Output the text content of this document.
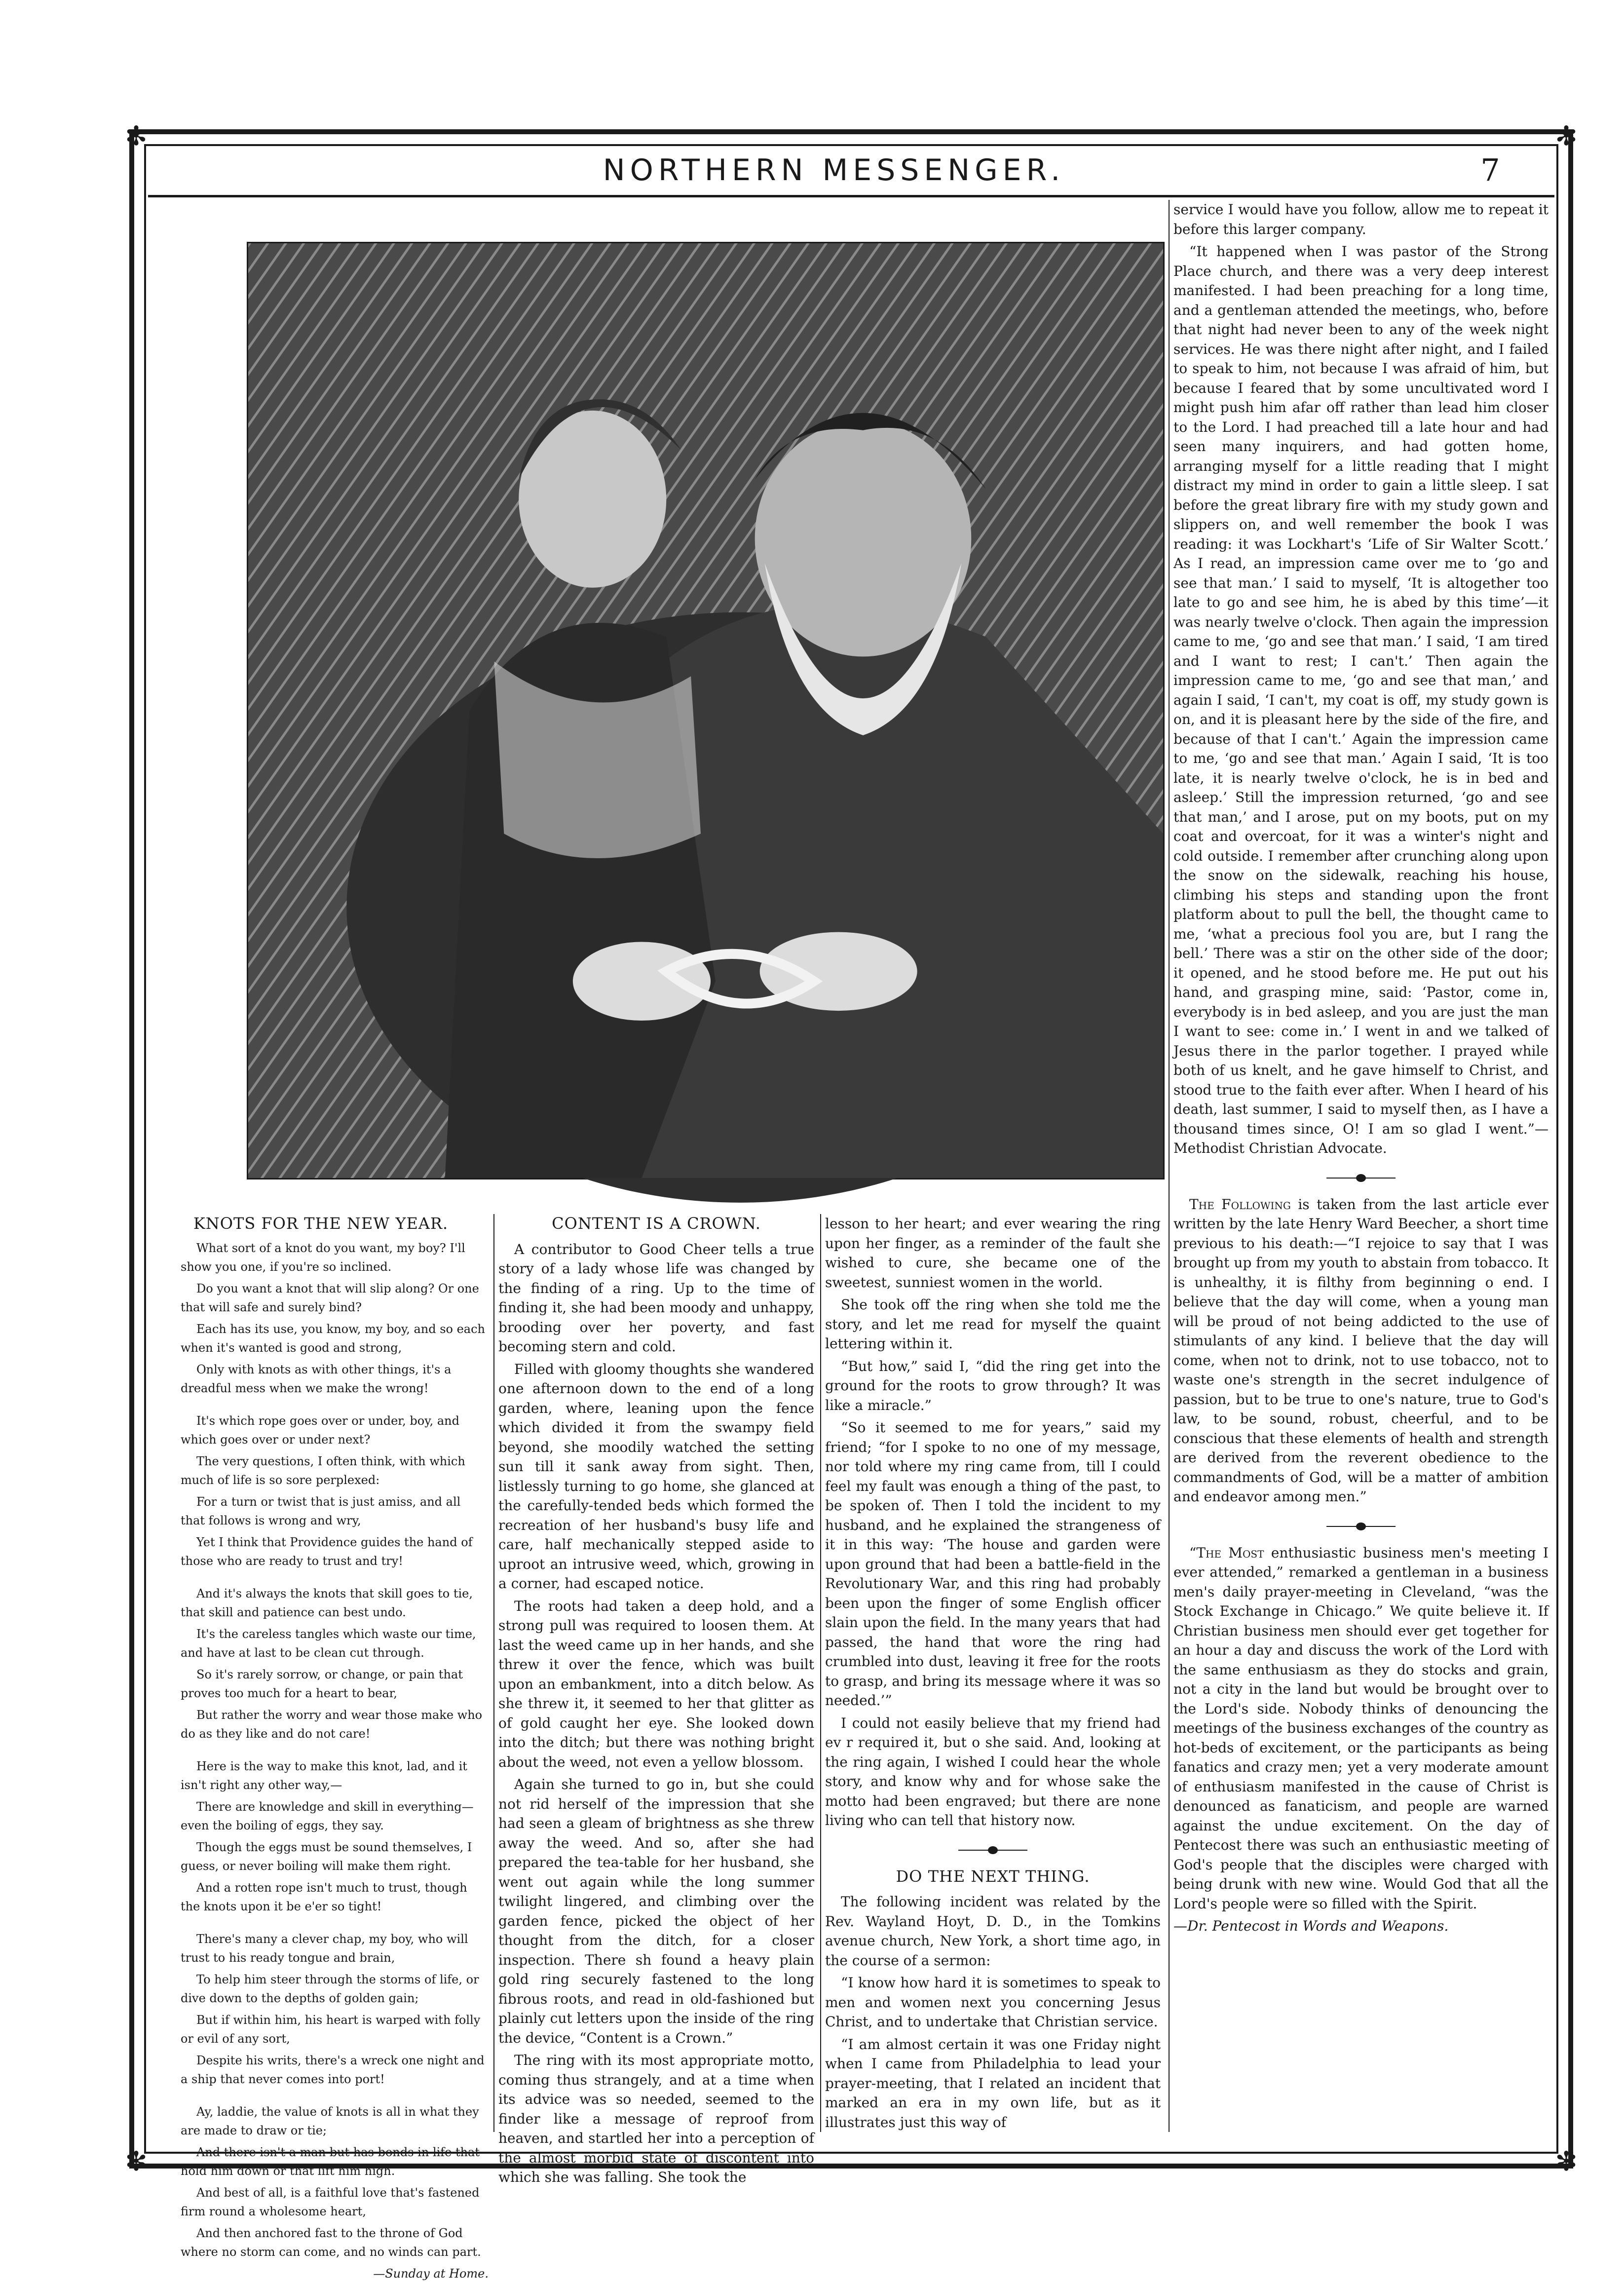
✻	✻
✻	✻
NORTHERN MESSENGER.	7
KNOTS FOR THE NEW YEAR.

What sort of a knot do you want, my boy? I'll show you one, if you're so inclined.

Do you want a knot that will slip along? Or one that will safe and surely bind?

Each has its use, you know, my boy, and so each when it's wanted is good and strong,

Only with knots as with other things, it's a dreadful mess when we make the wrong!

It's which rope goes over or under, boy, and which goes over or under next?

The very questions, I often think, with which much of life is so sore perplexed:

For a turn or twist that is just amiss, and all that follows is wrong and wry,

Yet I think that Providence guides the hand of those who are ready to trust and try!

And it's always the knots that skill goes to tie, that skill and patience can best undo.

It's the careless tangles which waste our time, and have at last to be clean cut through.

So it's rarely sorrow, or change, or pain that proves too much for a heart to bear,

But rather the worry and wear those make who do as they like and do not care!

Here is the way to make this knot, lad, and it isn't right any other way,—

There are knowledge and skill in everything—even the boiling of eggs, they say.

Though the eggs must be sound themselves, I guess, or never boiling will make them right.

And a rotten rope isn't much to trust, though the knots upon it be e'er so tight!

There's many a clever chap, my boy, who will trust to his ready tongue and brain,

To help him steer through the storms of life, or dive down to the depths of golden gain;

But if within him, his heart is warped with folly or evil of any sort,

Despite his writs, there's a wreck one night and a ship that never comes into port!

Ay, laddie, the value of knots is all in what they are made to draw or tie;

And there isn't a man but has bonds in life that hold him down or that lift him high.

And best of all, is a faithful love that's fastened firm round a wholesome heart,

And then anchored fast to the throne of God where no storm can come, and no winds can part.

—Sunday at Home.
CONTENT IS A CROWN.

A contributor to Good Cheer tells a true story of a lady whose life was changed by the finding of a ring. Up to the time of finding it, she had been moody and unhappy, brooding over her poverty, and fast becoming stern and cold.

Filled with gloomy thoughts she wandered one afternoon down to the end of a long garden, where, leaning upon the fence which divided it from the swampy field beyond, she moodily watched the setting sun till it sank away from sight. Then, listlessly turning to go home, she glanced at the carefully-tended beds which formed the recreation of her husband's busy life and care, half mechanically stepped aside to uproot an intrusive weed, which, growing in a corner, had escaped notice.

The roots had taken a deep hold, and a strong pull was required to loosen them. At last the weed came up in her hands, and she threw it over the fence, which was built upon an embankment, into a ditch below. As she threw it, it seemed to her that glitter as of gold caught her eye. She looked down into the ditch; but there was nothing bright about the weed, not even a yellow blossom.

Again she turned to go in, but she could not rid herself of the impression that she had seen a gleam of brightness as she threw away the weed. And so, after she had prepared the tea-table for her husband, she went out again while the long summer twilight lingered, and climbing over the garden fence, picked the object of her thought from the ditch, for a closer inspection. There sh found a heavy plain gold ring securely fastened to the long fibrous roots, and read in old-fashioned but plainly cut letters upon the inside of the ring the device, “Content is a Crown.”

The ring with its most appropriate motto, coming thus strangely, and at a time when its advice was so needed, seemed to the finder like a message of reproof from heaven, and startled her into a perception of the almost morbid state of discontent into which she was falling. She took the

lesson to her heart; and ever wearing the ring upon her finger, as a reminder of the fault she wished to cure, she became one of the sweetest, sunniest women in the world.

She took off the ring when she told me the story, and let me read for myself the quaint lettering within it.

“But how,” said I, “did the ring get into the ground for the roots to grow through? It was like a miracle.”

“So it seemed to me for years,” said my friend; “for I spoke to no one of my message, nor told where my ring came from, till I could feel my fault was enough a thing of the past, to be spoken of. Then I told the incident to my husband, and he explained the strangeness of it in this way: ‘The house and garden were upon ground that had been a battle-field in the Revolutionary War, and this ring had probably been upon the finger of some English officer slain upon the field. In the many years that had passed, the hand that wore the ring had crumbled into dust, leaving it free for the roots to grasp, and bring its message where it was so needed.’”

I could not easily believe that my friend had ev r required it, but o she said. And, looking at the ring again, I wished I could hear the whole story, and know why and for whose sake the motto had been engraved; but there are none living who can tell that history now.

DO THE NEXT THING.

The following incident was related by the Rev. Wayland Hoyt, D. D., in the Tomkins avenue church, New York, a short time ago, in the course of a sermon:

“I know how hard it is sometimes to speak to men and women next you concerning Jesus Christ, and to undertake that Christian service.

“I am almost certain it was one Friday night when I came from Philadelphia to lead your prayer-meeting, that I related an incident that marked an era in my own life, but as it illustrates just this way of

service I would have you follow, allow me to repeat it before this larger company.

“It happened when I was pastor of the Strong Place church, and there was a very deep interest manifested. I had been preaching for a long time, and a gentleman attended the meetings, who, before that night had never been to any of the week night services. He was there night after night, and I failed to speak to him, not because I was afraid of him, but because I feared that by some uncultivated word I might push him afar off rather than lead him closer to the Lord. I had preached till a late hour and had seen many inquirers, and had gotten home, arranging myself for a little reading that I might distract my mind in order to gain a little sleep. I sat before the great library fire with my study gown and slippers on, and well remember the book I was reading: it was Lockhart's ‘Life of Sir Walter Scott.’ As I read, an impression came over me to ‘go and see that man.’ I said to myself, ‘It is altogether too late to go and see him, he is abed by this time’—it was nearly twelve o'clock. Then again the impression came to me, ‘go and see that man.’ I said, ‘I am tired and I want to rest; I can't.’ Then again the impression came to me, ‘go and see that man,’ and again I said, ‘I can't, my coat is off, my study gown is on, and it is pleasant here by the side of the fire, and because of that I can't.’ Again the impression came to me, ‘go and see that man.’ Again I said, ‘It is too late, it is nearly twelve o'clock, he is in bed and asleep.’ Still the impression returned, ‘go and see that man,’ and I arose, put on my boots, put on my coat and overcoat, for it was a winter's night and cold outside. I remember after crunching along upon the snow on the sidewalk, reaching his house, climbing his steps and standing upon the front platform about to pull the bell, the thought came to me, ‘what a precious fool you are, but I rang the bell.’ There was a stir on the other side of the door; it opened, and he stood before me. He put out his hand, and grasping mine, said: ‘Pastor, come in, everybody is in bed asleep, and you are just the man I want to see: come in.’ I went in and we talked of Jesus there in the parlor together. I prayed while both of us knelt, and he gave himself to Christ, and stood true to the faith ever after. When I heard of his death, last summer, I said to myself then, as I have a thousand times since, O! I am so glad I went.”—Methodist Christian Advocate.

The Following is taken from the last article ever written by the late Henry Ward Beecher, a short time previous to his death:—“I rejoice to say that I was brought up from my youth to abstain from tobacco. It is unhealthy, it is filthy from beginning o end. I believe that the day will come, when a young man will be proud of not being addicted to the use of stimulants of any kind. I believe that the day will come, when not to drink, not to use tobacco, not to waste one's strength in the secret indulgence of passion, but to be true to one's nature, true to God's law, to be sound, robust, cheerful, and to be conscious that these elements of health and strength are derived from the reverent obedience to the commandments of God, will be a matter of ambition and endeavor among men.”

“The Most enthusiastic business men's meeting I ever attended,” remarked a gentleman in a business men's daily prayer-meeting in Cleveland, “was the Stock Exchange in Chicago.” We quite believe it. If Christian business men should ever get together for an hour a day and discuss the work of the Lord with the same enthusiasm as they do stocks and grain, not a city in the land but would be brought over to the Lord's side. Nobody thinks of denouncing the meetings of the business exchanges of the country as hot-beds of excitement, or the participants as being fanatics and crazy men; yet a very moderate amount of enthusiasm manifested in the cause of Christ is denounced as fanaticism, and people are warned against the undue excitement. On the day of Pentecost there was such an enthusiastic meeting of God's people that the disciples were charged with being drunk with new wine. Would God that all the Lord's people were so filled with the Spirit.

—Dr. Pentecost in Words and Weapons.
